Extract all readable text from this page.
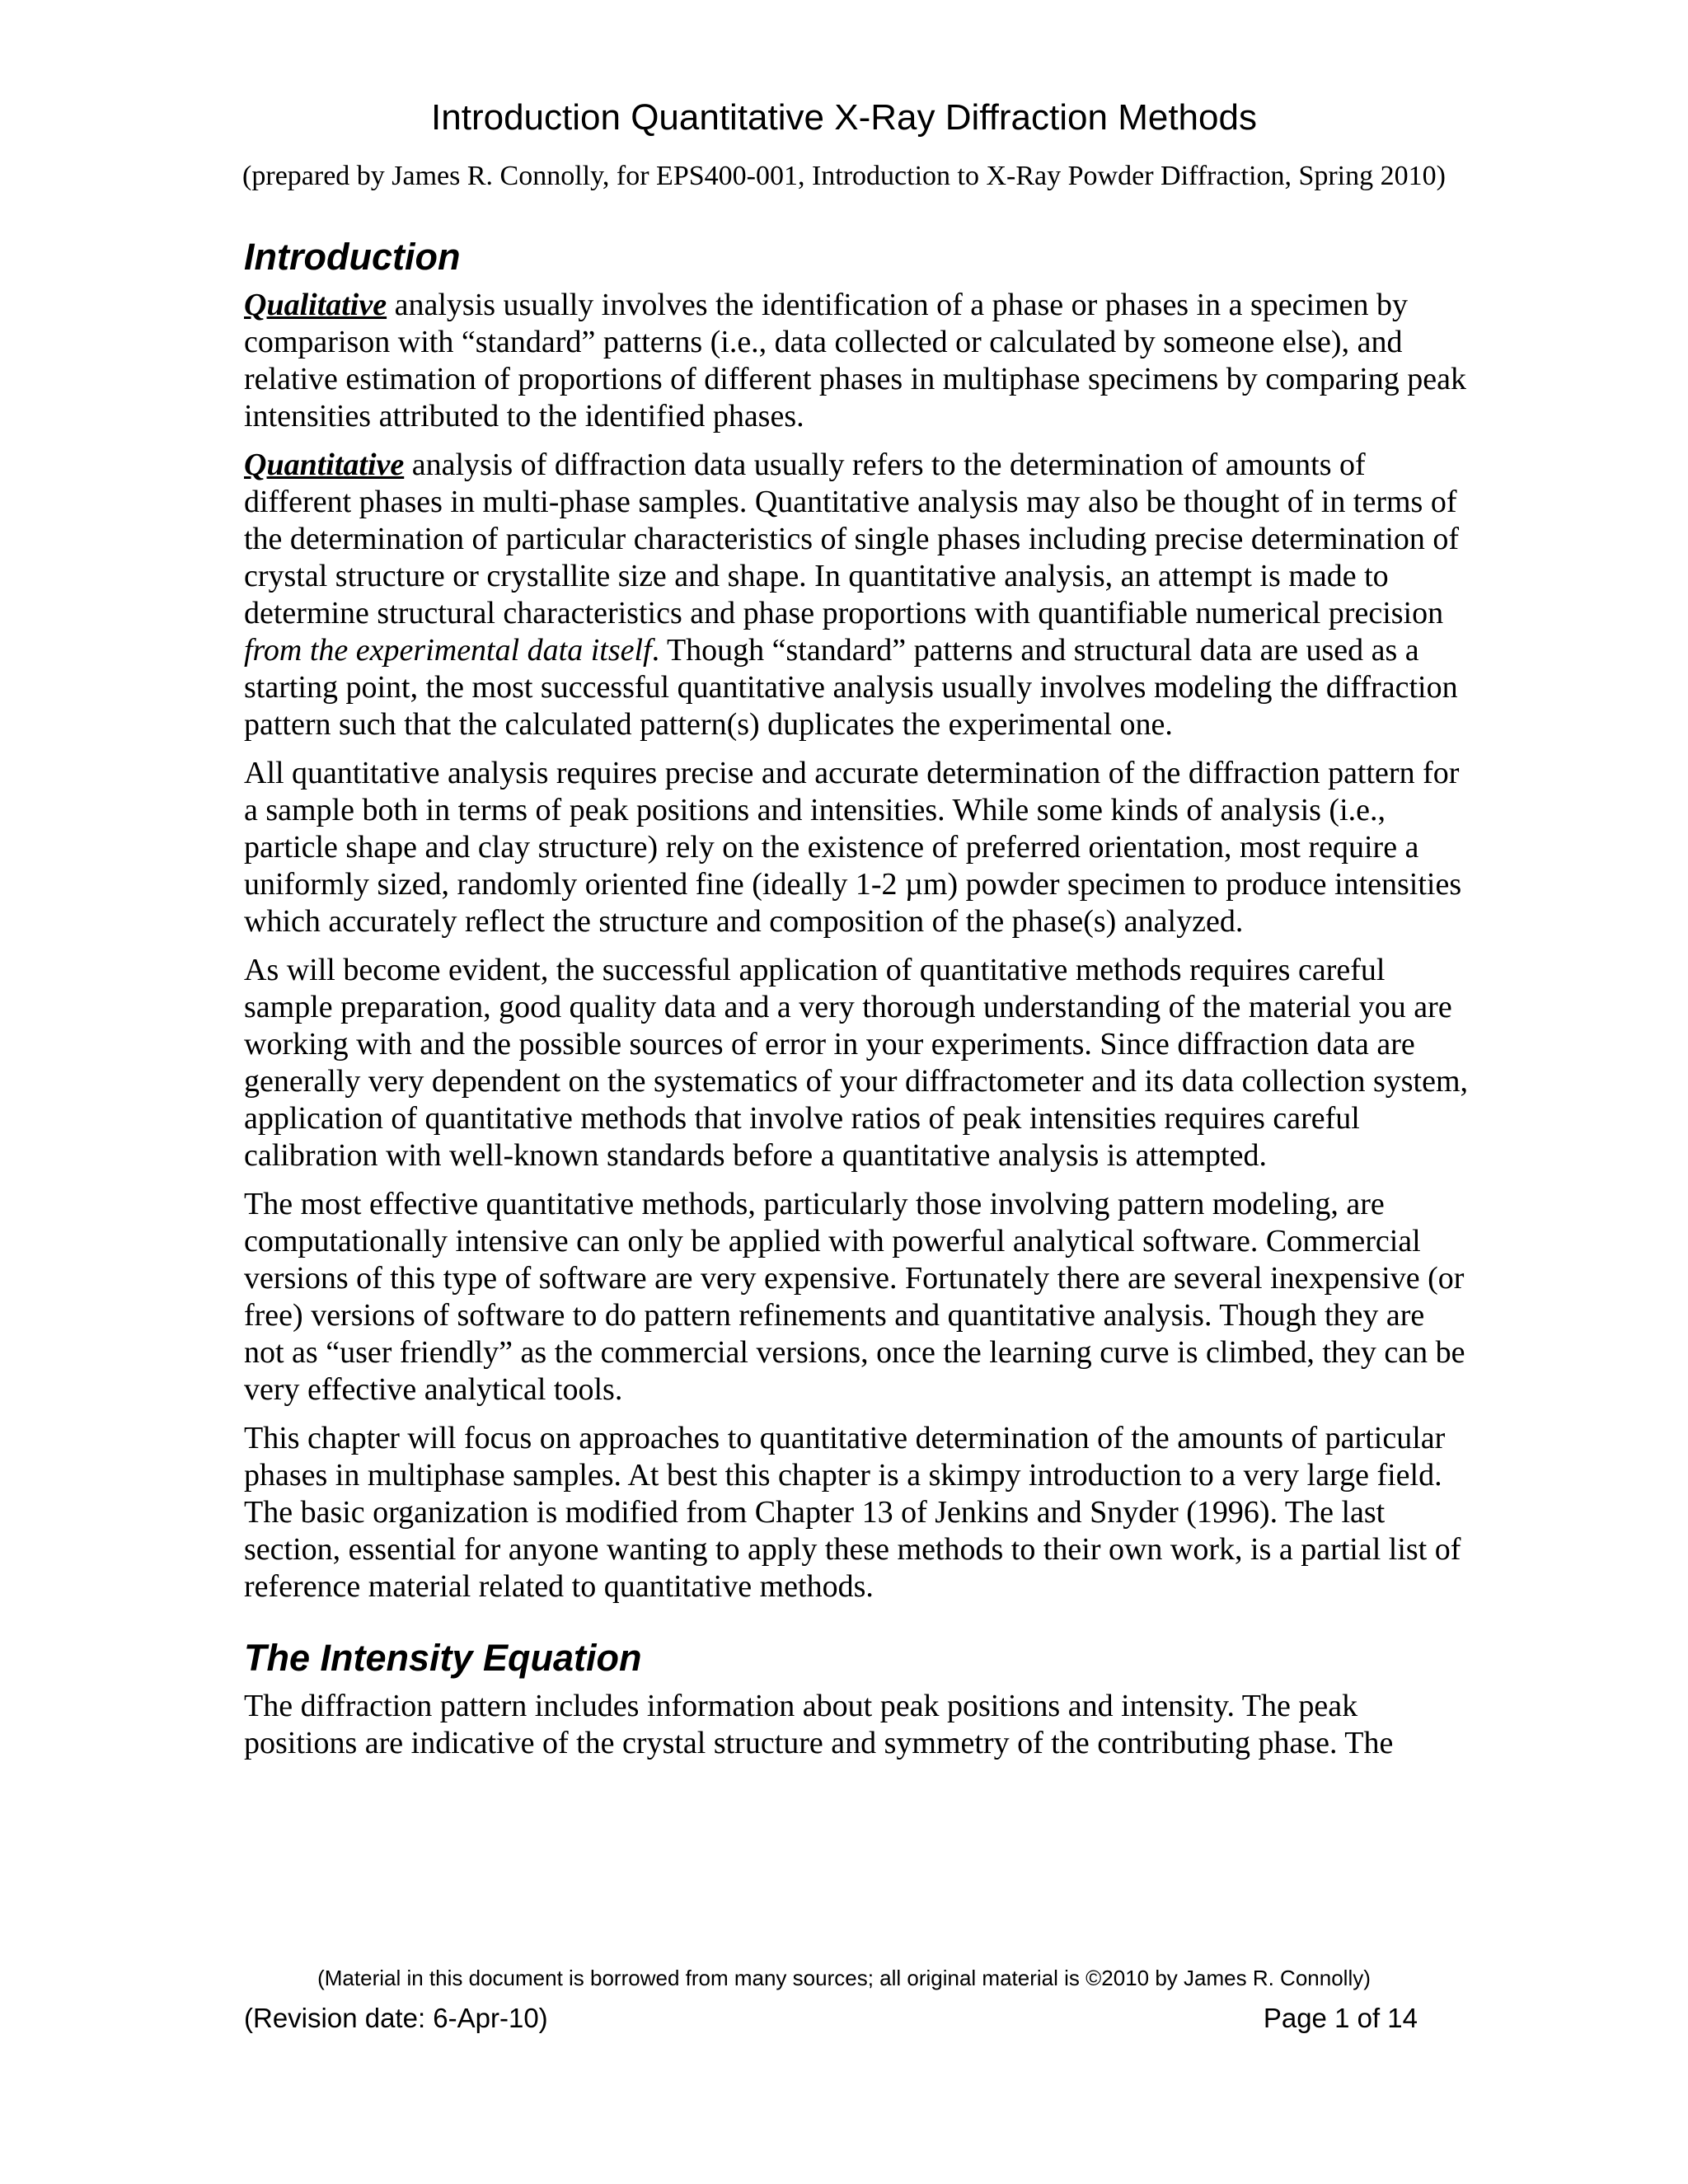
Introduction Quantitative X-Ray Diffraction Methods
(prepared by James R. Connolly, for EPS400-001, Introduction to X-Ray Powder Diffraction, Spring 2010)
Introduction

Qualitative analysis usually involves the identification of a phase or phases in a specimen by comparison with “standard” patterns (i.e., data collected or calculated by someone else), and relative estimation of proportions of different phases in multiphase specimens by comparing peak intensities attributed to the identified phases.

Quantitative analysis of diffraction data usually refers to the determination of amounts of different phases in multi-phase samples. Quantitative analysis may also be thought of in terms of the determination of particular characteristics of single phases including precise determination of crystal structure or crystallite size and shape. In quantitative analysis, an attempt is made to determine structural characteristics and phase proportions with quantifiable numerical precision from the experimental data itself. Though “standard” patterns and structural data are used as a starting point, the most successful quantitative analysis usually involves modeling the diffraction pattern such that the calculated pattern(s) duplicates the experimental one.

All quantitative analysis requires precise and accurate determination of the diffraction pattern for a sample both in terms of peak positions and intensities. While some kinds of analysis (i.e., particle shape and clay structure) rely on the existence of preferred orientation, most require a uniformly sized, randomly oriented fine (ideally 1-2 µm) powder specimen to produce intensities which accurately reflect the structure and composition of the phase(s) analyzed.

As will become evident, the successful application of quantitative methods requires careful sample preparation, good quality data and a very thorough understanding of the material you are working with and the possible sources of error in your experiments. Since diffraction data are generally very dependent on the systematics of your diffractometer and its data collection system, application of quantitative methods that involve ratios of peak intensities requires careful calibration with well-known standards before a quantitative analysis is attempted.

The most effective quantitative methods, particularly those involving pattern modeling, are computationally intensive can only be applied with powerful analytical software. Commercial versions of this type of software are very expensive. Fortunately there are several inexpensive (or free) versions of software to do pattern refinements and quantitative analysis. Though they are not as “user friendly” as the commercial versions, once the learning curve is climbed, they can be very effective analytical tools.

This chapter will focus on approaches to quantitative determination of the amounts of particular phases in multiphase samples. At best this chapter is a skimpy introduction to a very large field. The basic organization is modified from Chapter 13 of Jenkins and Snyder (1996). The last section, essential for anyone wanting to apply these methods to their own work, is a partial list of reference material related to quantitative methods.

The Intensity Equation

The diffraction pattern includes information about peak positions and intensity. The peak positions are indicative of the crystal structure and symmetry of the contributing phase. The

(Material in this document is borrowed from many sources; all original material is ©2010 by James R. Connolly)
(Revision date: 6-Apr-10)	Page 1 of 14
